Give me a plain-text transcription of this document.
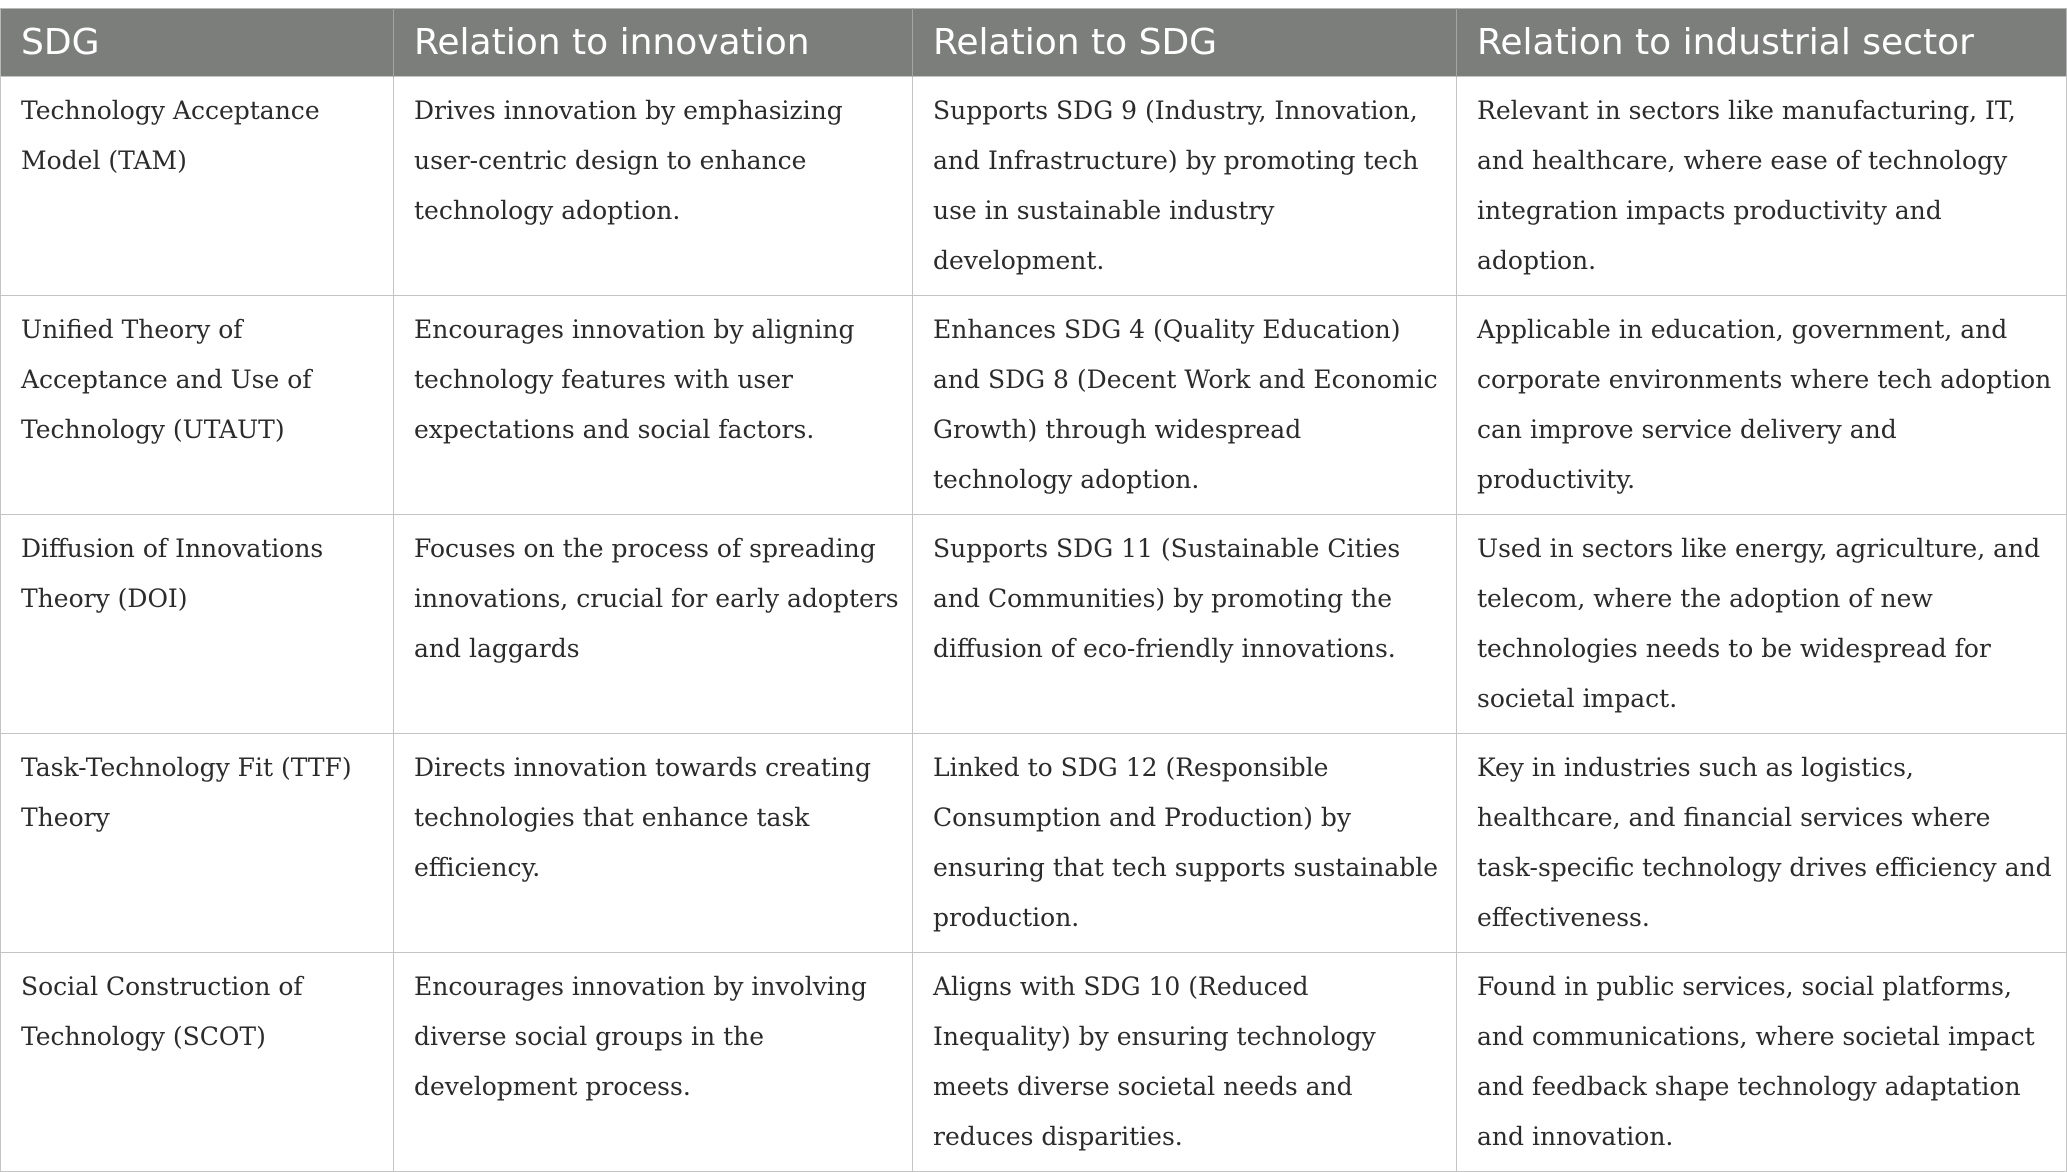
SDG	Relation to innovation	Relation to SDG	Relation to industrial sector
Technology Acceptance Model (TAM)	Drives innovation by emphasizing user-centric design to enhance technology adoption.	Supports SDG 9 (Industry, Innovation, and Infrastructure) by promoting tech use in sustainable industry development.	Relevant in sectors like manufacturing, IT, and healthcare, where ease of technology integration impacts productivity and adoption.
Unified Theory of Acceptance and Use of Technology (UTAUT)	Encourages innovation by aligning technology features with user expectations and social factors.	Enhances SDG 4 (Quality Education) and SDG 8 (Decent Work and Economic Growth) through widespread technology adoption.	Applicable in education, government, and corporate environments where tech adoption can improve service delivery and productivity.
Diffusion of Innovations Theory (DOI)	Focuses on the process of spreading innovations, crucial for early adopters and laggards	Supports SDG 11 (Sustainable Cities and Communities) by promoting the diffusion of eco-friendly innovations.	Used in sectors like energy, agriculture, and telecom, where the adoption of new technologies needs to be widespread for societal impact.
Task-Technology Fit (TTF) Theory	Directs innovation towards creating technologies that enhance task efficiency.	Linked to SDG 12 (Responsible Consumption and Production) by ensuring that tech supports sustainable production.	Key in industries such as logistics, healthcare, and financial services where task-specific technology drives efficiency and effectiveness.
Social Construction of Technology (SCOT)	Encourages innovation by involving diverse social groups in the development process.	Aligns with SDG 10 (Reduced Inequality) by ensuring technology meets diverse societal needs and reduces disparities.	Found in public services, social platforms, and communications, where societal impact and feedback shape technology adaptation and innovation.
